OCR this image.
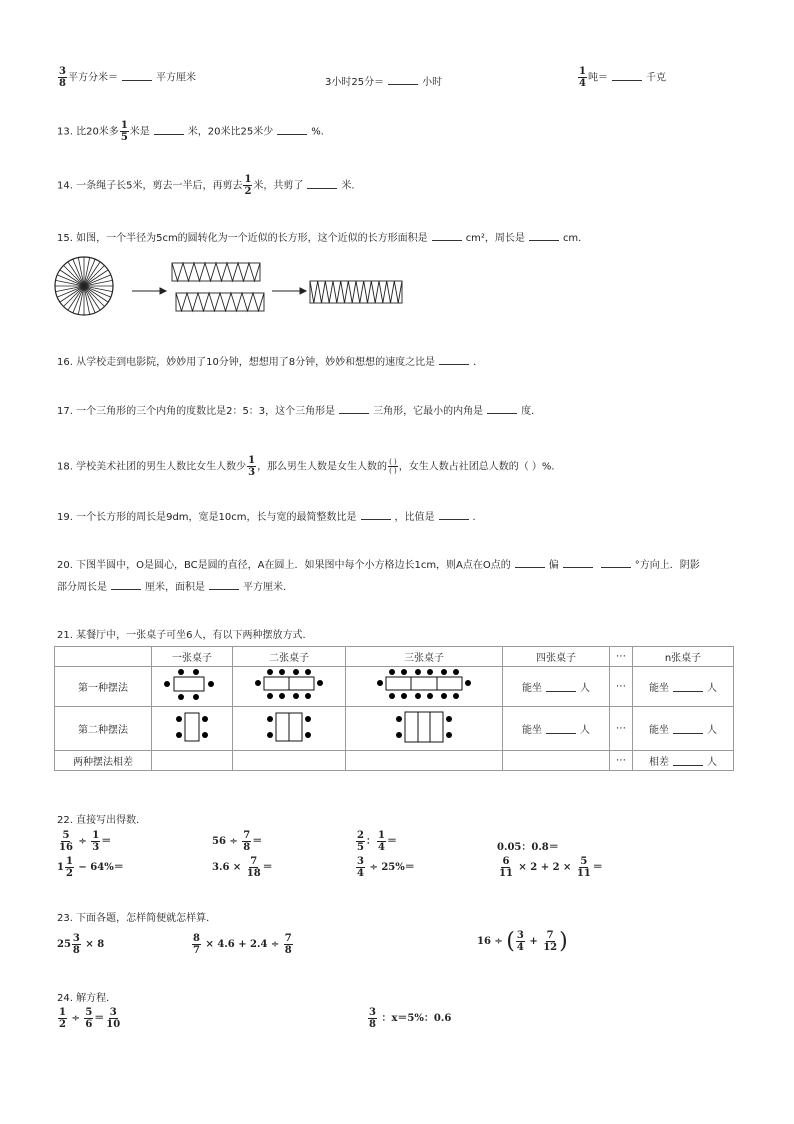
$\frac{3}{8}$ 平方分米＝	平方厘米	3小时25分＝	小时	$\frac{1}{4}$ 吨＝	千克
13. 比20米多 $\frac{1}{5}$ 米是	米，20米比25米少	%．
14. 一条绳子长5米，剪去一半后，再剪去 $\frac{1}{2}$ 米，共剪了	米．
15. 如图，一个半径为5cm的圆转化为一个近似的长方形，这个近似的长方形面积是	cm²，周长是	cm．
16. 从学校走到电影院，妙妙用了10分钟，想想用了8分钟，妙妙和想想的速度之比是	．
17. 一个三角形的三个内角的度数比是2：5：3，这个三角形是	三角形，它最小的内角是	度．
18. 学校美术社团的男生人数比女生人数少 $\frac{1}{3}$ ，那么男生人数是女生人数的 $\frac{( )}{( )}$ ，女生人数占社团总人数的（ ）%．
19. 一个长方形的周长是9dm，宽是10cm，长与宽的最简整数比是	，比值是	．
20. 下图半圆中，O是圆心，BC是圆的直径，A在圆上．如果图中每个小方格边长1cm，则A点在O点的	偏	°方向上．阴影
部分周长是	厘米，面积是	平方厘米．
21. 某餐厅中，一张桌子可坐6人，有以下两种摆放方式．
	一张桌子	二张桌子	三张桌子	四张桌子	⋯	n张桌子
第一种摆法				能坐 人	⋯	能坐 人

第二种摆法				能坐 人	⋯	能坐 人

两种摆法相差					⋯	相差 人
22. 直接写出得数．
$\frac{5}{16} \div \frac{1}{3}$ ＝	$56 \div \frac{7}{8}$ ＝	$\frac{2}{5}$ ： $\frac{1}{4}$ ＝
0.05：0.8＝
$1 \frac{1}{2} - 64\%=$	$3.6 \times \frac{7}{18}$ ＝	$\frac{3}{4} \div 25\%=$	$\frac{6}{11} \times 2 + 2 \times \frac{5}{11}$ ＝
23. 下面各题，怎样简便就怎样算．
$25 \frac{3}{8} \times 8$	$\frac{8}{7} \times 4.6 + 2.4 \div \frac{7}{8}$	16 ÷ ( $\frac{3}{4} + \frac{7}{12}$ )
24. 解方程．
$\frac{1}{2} \div \frac{5}{6} = \frac{3}{10}$	$\frac{3}{8}$ ：x＝5%：0.6
